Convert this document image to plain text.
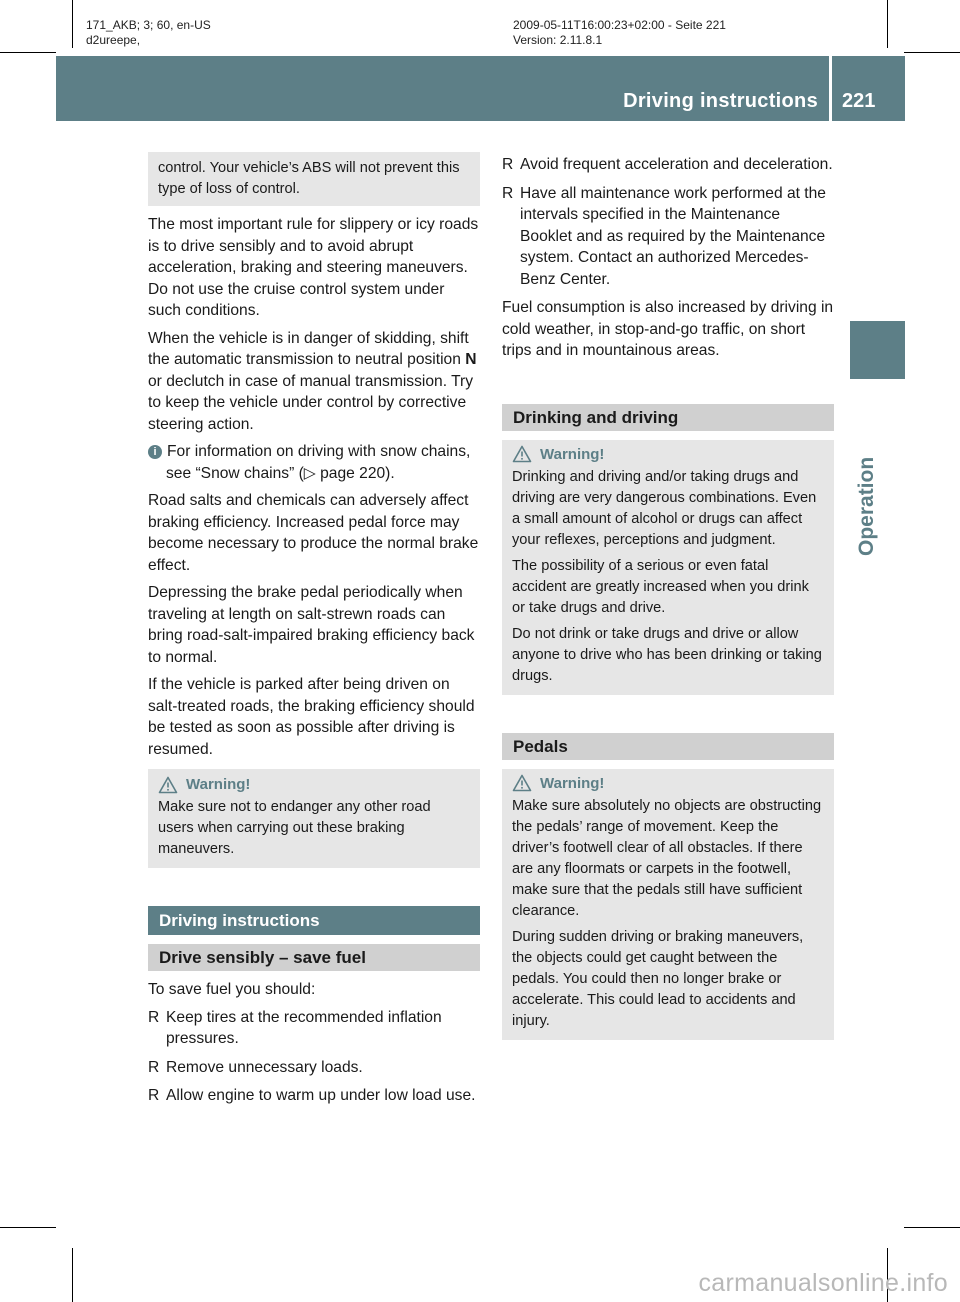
171_AKB; 3; 60, en-US
d2ureepe,
2009-05-11T16:00:23+02:00 - Seite 221
Version: 2.11.8.1
Driving instructions 221
Operation

control. Your vehicle’s ABS will not prevent this type of loss of control.

The most important rule for slippery or icy roads is to drive sensibly and to avoid abrupt acceleration, braking and steering maneuvers. Do not use the cruise control system under such conditions.

When the vehicle is in danger of skidding, shift the automatic transmission to neutral position N or declutch in case of manual transmission. Try to keep the vehicle under control by corrective steering action.

i For information on driving with snow chains, see “Snow chains” (▷ page 220).

Road salts and chemicals can adversely affect braking efficiency. Increased pedal force may become necessary to produce the normal brake effect.

Depressing the brake pedal periodically when traveling at length on salt-strewn roads can bring road-salt-impaired braking efficiency back to normal.

If the vehicle is parked after being driven on salt-treated roads, the braking efficiency should be tested as soon as possible after driving is resumed.

Warning!

Make sure not to endanger any other road users when carrying out these braking maneuvers.

Driving instructions
Drive sensibly – save fuel

To save fuel you should:

R Keep tires at the recommended inflation pressures.

R Remove unnecessary loads.

R Allow engine to warm up under low load use.

R Avoid frequent acceleration and deceleration.

R Have all maintenance work performed at the intervals specified in the Maintenance Booklet and as required by the Maintenance system. Contact an authorized Mercedes-Benz Center.

Fuel consumption is also increased by driving in cold weather, in stop-and-go traffic, on short trips and in mountainous areas.

Drinking and driving
Warning!

Drinking and driving and/or taking drugs and driving are very dangerous combinations. Even a small amount of alcohol or drugs can affect your reflexes, perceptions and judgment.

The possibility of a serious or even fatal accident are greatly increased when you drink or take drugs and drive.

Do not drink or take drugs and drive or allow anyone to drive who has been drinking or taking drugs.

Pedals
Warning!

Make sure absolutely no objects are obstructing the pedals’ range of movement. Keep the driver’s footwell clear of all obstacles. If there are any floormats or carpets in the footwell, make sure that the pedals still have sufficient clearance.

During sudden driving or braking maneuvers, the objects could get caught between the pedals. You could then no longer brake or accelerate. This could lead to accidents and injury.

carmanualsonline.info
